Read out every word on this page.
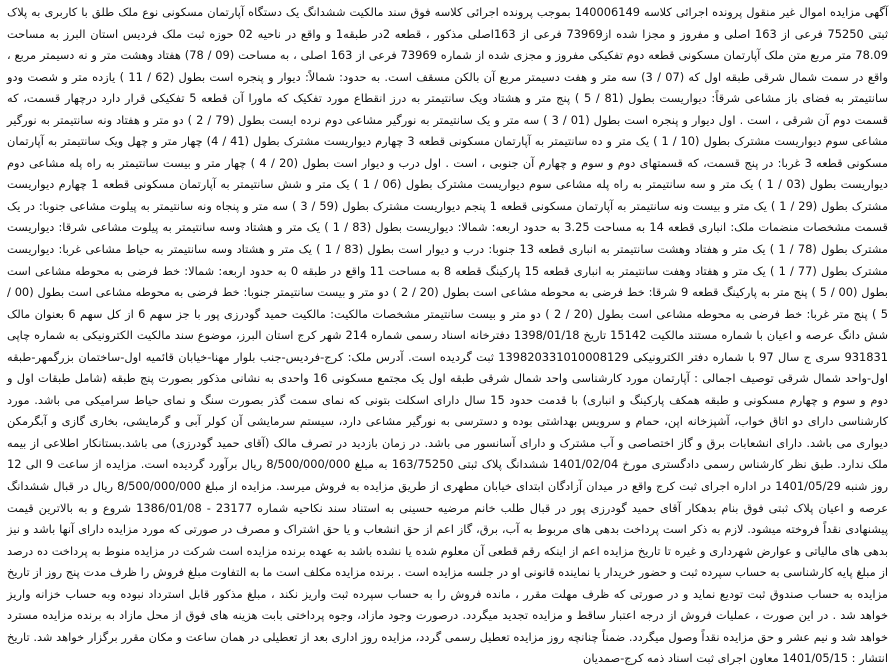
آگهی مزایده اموال غیر منقول پرونده اجرائی کلاسه 140006149 بموجب پرونده اجرائی کلاسه فوق سند مالکیت ششدانگ یک دستگاه آپارتمان مسکونی نوع ملک طلق با کاربری به پلاک ثبتی 75250 فرعی از 163 اصلی و مفروز و مجزا شده از73969 فرعی از 163اصلی مذکور ، قطعه 2در طبقه1 و واقع در ناحیه 02 حوزه ثبت ملک فردیس استان البرز به مساحت 78.09 متر مربع متن ملک آپارتمان مسکونی قطعه دوم تفکیکی مفروز و مجزی شده از شماره 73969 فرعی از 163 اصلی ، به مساحت (09 / 78) هفتاد وهشت متر و نه دسیمتر مربع ، واقع در سمت شمال شرقی طبقه اول که (07 / 3) سه متر و هفت دسیمتر مربع آن بالکن مسقف است. به حدود: شمالاً: دیوار و پنجره است بطول (62 / 11 ) یازده متر و شصت ودو سانتیمتر به فضای باز مشاعی شرقاً: دیواریست بطول (81 / 5 ) پنج متر و هشتاد ویک سانتیمتر به درز انقطاع مورد تفکیک که ماورا آن قطعه 5 تفکیکی قرار دارد درچهار قسمت، که قسمت دوم آن شرقی ، است . اول دیوار و پنجره است بطول (01 / 3 ) سه متر و یک سانتیمتر به نورگیر مشاعی دوم نرده ایست بطول (79 / 2 ) دو متر و هفتاد ونه سانتیمتر به نورگیر مشاعی سوم دیواریست مشترک بطول (10 / 1 ) یک متر و ده سانتیمتر به آپارتمان مسکونی قطعه 3 چهارم دیواریست مشترک بطول (41 / 4) چهار متر و چهل ویک سانتیمتر به آپارتمان مسکونی قطعه 3 غربا: در پنج قسمت، که قسمتهای دوم و سوم و چهارم آن جنوبی ، است . اول درب و دیوار است بطول (20 / 4 ) چهار متر و بیست سانتیمتر به راه پله مشاعی دوم دیواریست بطول (03 / 1 ) یک متر و سه سانتیمتر به راه پله مشاعی سوم دیواریست مشترک بطول (06 / 1 ) یک متر و شش سانتیمتر به آپارتمان مسکونی قطعه 1 چهارم دیواریست مشترک بطول (29 / 1 ) یک متر و بیست ونه سانتیمتر به آپارتمان مسکونی قطعه 1 پنجم دیواریست مشترک بطول (59 / 3 ) سه متر و پنجاه ونه سانتیمتر به پیلوت مشاعی جنوبا: در یک قسمت مشخصات منضمات ملک: انباری قطعه 14 به مساحت 3.25 به حدود اربعه: شمالا: دیواریست بطول (83 / 1 ) یک متر و هشتاد وسه سانتیمتر به پیلوت مشاعی شرقا: دیواریست مشترک بطول (78 / 1 ) یک متر و هفتاد وهشت سانتیمتر به انباری قطعه 13 جنوبا: درب و دیوار است بطول (83 / 1 ) یک متر و هشتاد وسه سانتیمتر به حیاط مشاعی غربا: دیواریست مشترک بطول (77 / 1 ) یک متر و هفتاد وهفت سانتیمتر به انباری قطعه 15 پارکینگ قطعه 8 به مساحت 11 واقع در طبقه 0 به حدود اربعه: شمالا: خط فرضی به محوطه مشاعی است بطول (00 / 5 ) پنج متر به پارکینگ قطعه 9 شرقا: خط فرضی به محوطه مشاعی است بطول (20 / 2 ) دو متر و بیست سانتیمتر جنوبا: خط فرضی به محوطه مشاعی است بطول (00 / 5 ) پنج متر غربا: خط فرضی به محوطه مشاعی است بطول (20 / 2 ) دو متر و بیست سانتیمتر مشخصات مالکیت: مالکیت حمید گودرزی پور با جز سهم 6 از کل سهم 6 بعنوان مالک شش دانگ عرصه و اعیان با شماره مستند مالکیت 15142 تاریخ 1398/01/18 دفترخانه اسناد رسمی شماره 214 شهر کرج استان البرز، موضوع سند مالکیت الکترونیکی به شماره چاپی 931831 سری ج سال 97 با شماره دفتر الکترونیکی 139820331010008129 ثبت گردیده است. آدرس ملک: کرج-فردیس-جنب بلوار مهنا-خیابان قائمیه اول-ساختمان بزرگمهر-طبقه اول-واحد شمال شرقی توصیف اجمالی : آپارتمان مورد کارشناسی واحد شمال شرقی طبقه اول یک مجتمع مسکونی 16 واحدی به نشانی مذکور بصورت پنج طبقه (شامل طبقات اول و دوم و سوم و چهارم مسکونی و طبقه همکف پارکینگ و انباری) با قدمت حدود 15 سال دارای اسکلت بتونی که نمای سمت گذر بصورت سنگ و نمای حیاط سرامیکی می باشد. مورد کارشناسی دارای دو اتاق خواب، آشپزخانه اپن، حمام و سرویس بهداشتی بوده و دسترسی به نورگیر مشاعی دارد، سیستم سرمایشی آن کولر آبی و گرمایشی، بخاری گازی و آبگرمکن دیواری می باشد. دارای انشعابات برق و گاز اختصاصی و آب مشترک و دارای آسانسور می باشد. در زمان بازدید در تصرف مالک (آقای حمید گودرزی) می باشد.بستانکار اطلاعی از بیمه ملک ندارد. طبق نظر کارشناس رسمی دادگستری مورخ 1401/02/04 ششدانگ پلاک ثبتی 163/75250 به مبلغ 8/500/000/000 ریال برآورد گردیده است. مزایده از ساعت 9 الی 12 روز شنبه 1401/05/29 در اداره اجرای ثبت کرج واقع در میدان آزادگان ابتدای خیابان مطهری از طریق مزایده به فروش میرسد. مزایده از مبلغ 8/500/000/000 ریال در قبال ششدانگ عرصه و اعیان پلاک ثبتی فوق بنام بدهکار آقای حمید گودرزی پور در قبال طلب خانم مرضیه حسینی به استناد سند نکاحیه شماره 23177 - 1386/01/08 شروع و به بالاترین قیمت پیشنهادی نقداً فروخته میشود. لازم به ذکر است پرداخت بدهی های مربوط به آب، برق، گاز اعم از حق انشعاب و یا حق اشتراک و مصرف در صورتی که مورد مزایده دارای آنها باشد و نیز بدهی های مالیاتی و عوارض شهرداری و غیره تا تاریخ مزایده اعم از اینکه رقم قطعی آن معلوم شده یا نشده باشد به عهده برنده مزایده است شرکت در مزایده منوط به پرداخت ده درصد از مبلغ پایه کارشناسی به حساب سپرده ثبت و حضور خریدار یا نماینده قانونی او در جلسه مزایده است . برنده مزایده مکلف است ما به التفاوت مبلغ فروش را ظرف مدت پنج روز از تاریخ مزایده به حساب صندوق ثبت تودیع نماید و در صورتی که ظرف مهلت مقرر ، مانده فروش را به حساب سپرده ثبت واریز نکند ، مبلغ مذکور قابل استرداد نبوده وبه حساب خزانه واریز خواهد شد . در این صورت ، عملیات فروش از درجه اعتبار ساقط و مزایده تجدید میگردد. درصورت وجود مازاد، وجوه پرداختی بابت هزینه های فوق از محل مازاد به برنده مزایده مسترد خواهد شد و نیم عشر و حق مزایده نقداً وصول میگردد. ضمناً چنانچه روز مزایده تعطیل رسمی گردد، مزایده روز اداری بعد از تعطیلی در همان ساعت و مکان مقرر برگزار خواهد شد. تاریخ انتشار : 1401/05/15 معاون اجرای ثبت اسناد ذمه کرج-صمدیان
